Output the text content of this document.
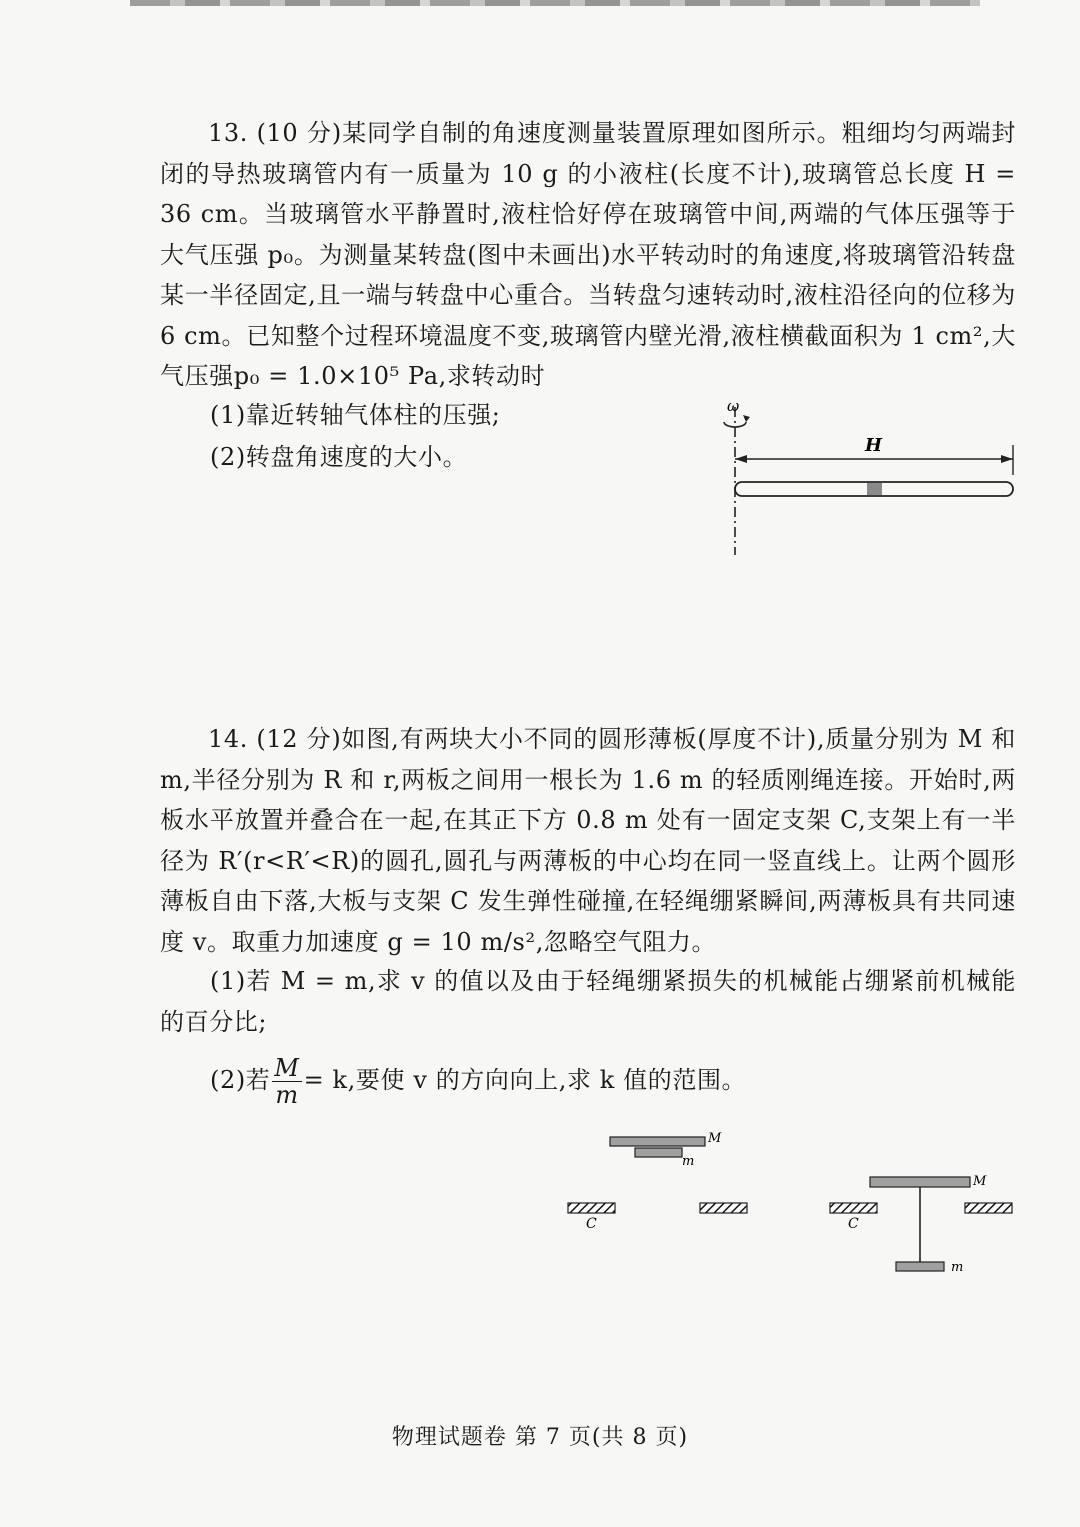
13. (10 分)某同学自制的角速度测量装置原理如图所示。粗细均匀两端封闭的导热玻璃管内有一质量为 10 g 的小液柱(长度不计),玻璃管总长度 H = 36 cm。当玻璃管水平静置时,液柱恰好停在玻璃管中间,两端的气体压强等于大气压强 p₀。为测量某转盘(图中未画出)水平转动时的角速度,将玻璃管沿转盘某一半径固定,且一端与转盘中心重合。当转盘匀速转动时,液柱沿径向的位移为 6 cm。已知整个过程环境温度不变,玻璃管内壁光滑,液柱横截面积为 1 cm²,大气压强p₀ = 1.0×10⁵ Pa,求转动时
(1)靠近转轴气体柱的压强;
(2)转盘角速度的大小。
ω
H
14. (12 分)如图,有两块大小不同的圆形薄板(厚度不计),质量分别为 M 和 m,半径分别为 R 和 r,两板之间用一根长为 1.6 m 的轻质刚绳连接。开始时,两板水平放置并叠合在一起,在其正下方 0.8 m 处有一固定支架 C,支架上有一半径为 R′(r<R′<R)的圆孔,圆孔与两薄板的中心均在同一竖直线上。让两个圆形薄板自由下落,大板与支架 C 发生弹性碰撞,在轻绳绷紧瞬间,两薄板具有共同速度 v。取重力加速度 g = 10 m/s²,忽略空气阻力。
(1)若 M = m,求 v 的值以及由于轻绳绷紧损失的机械能占绷紧前机械能的百分比;
(2)若 $\frac{M}{m} = k$,要使 v 的方向向上,求 k 值的范围。
M
m
C
M
C
m
物理试题卷 第 7 页(共 8 页)
